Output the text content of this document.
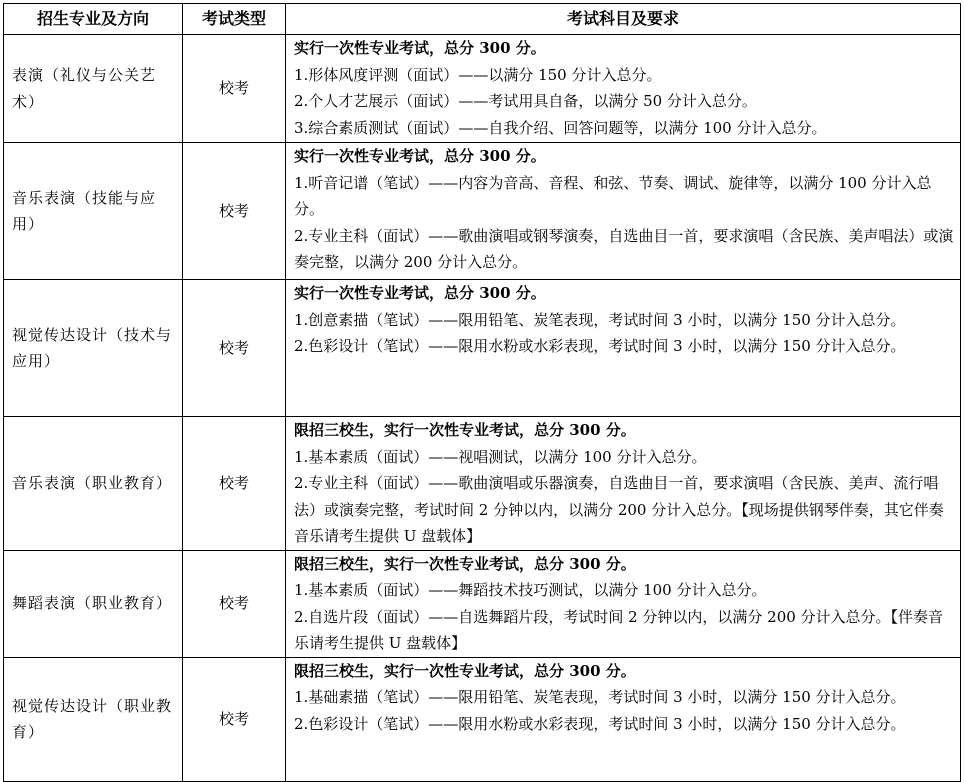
招生专业及方向	考试类型	考试科目及要求
表演（礼仪与公关艺术）	校考	实行一次性专业考试，总分 300 分。
1.形体风度评测（面试）——以满分 150 分计入总分。
2.个人才艺展示（面试）——考试用具自备，以满分 50 分计入总分。
3.综合素质测试（面试）——自我介绍、回答问题等，以满分 100 分计入总分。

音乐表演（技能与应用）	校考	实行一次性专业考试，总分 300 分。
1.听音记谱（笔试）——内容为音高、音程、和弦、节奏、调试、旋律等，以满分 100 分计入总分。
2.专业主科（面试）——歌曲演唱或钢琴演奏，自选曲目一首，要求演唱（含民族、美声唱法）或演奏完整，以满分 200 分计入总分。

视觉传达设计（技术与应用）	校考	实行一次性专业考试，总分 300 分。
1.创意素描（笔试）——限用铅笔、炭笔表现，考试时间 3 小时，以满分 150 分计入总分。
2.色彩设计（笔试）——限用水粉或水彩表现，考试时间 3 小时，以满分 150 分计入总分。

音乐表演（职业教育）	校考	限招三校生，实行一次性专业考试，总分 300 分。
1.基本素质（面试）——视唱测试，以满分 100 分计入总分。
2.专业主科（面试）——歌曲演唱或乐器演奏，自选曲目一首，要求演唱（含民族、美声、流行唱法）或演奏完整，考试时间 2 分钟以内，以满分 200 分计入总分。【现场提供钢琴伴奏，其它伴奏音乐请考生提供 U 盘载体】

舞蹈表演（职业教育）	校考	限招三校生，实行一次性专业考试，总分 300 分。
1.基本素质（面试）——舞蹈技术技巧测试，以满分 100 分计入总分。
2.自选片段（面试）——自选舞蹈片段，考试时间 2 分钟以内，以满分 200 分计入总分。【伴奏音乐请考生提供 U 盘载体】

视觉传达设计（职业教育）	校考	限招三校生，实行一次性专业考试，总分 300 分。
1.基础素描（笔试）——限用铅笔、炭笔表现，考试时间 3 小时，以满分 150 分计入总分。
2.色彩设计（笔试）——限用水粉或水彩表现，考试时间 3 小时，以满分 150 分计入总分。
